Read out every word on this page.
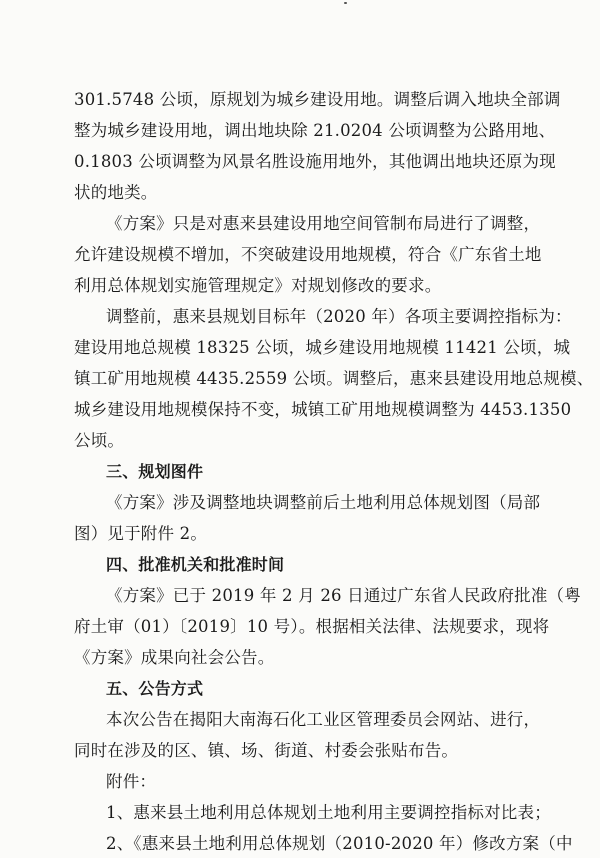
301.5748 公顷，原规划为城乡建设用地。调整后调入地块全部调
整为城乡建设用地，调出地块除 21.0204 公顷调整为公路用地、
0.1803 公顷调整为风景名胜设施用地外，其他调出地块还原为现
状的地类。
《方案》只是对惠来县建设用地空间管制布局进行了调整，
允许建设规模不增加，不突破建设用地规模，符合《广东省土地
利用总体规划实施管理规定》对规划修改的要求。
调整前，惠来县规划目标年（2020 年）各项主要调控指标为：
建设用地总规模 18325 公顷，城乡建设用地规模 11421 公顷，城
镇工矿用地规模 4435.2559 公顷。调整后，惠来县建设用地总规模、
城乡建设用地规模保持不变，城镇工矿用地规模调整为 4453.1350
公顷。
三、规划图件
《方案》涉及调整地块调整前后土地利用总体规划图（局部
图）见于附件 2。
四、批准机关和批准时间
《方案》已于 2019 年 2 月 26 日通过广东省人民政府批准（粤
府土审（01）〔2019〕10 号）。根据相关法律、法规要求，现将
《方案》成果向社会公告。
五、公告方式
本次公告在揭阳大南海石化工业区管理委员会网站、进行，
同时在涉及的区、镇、场、街道、村委会张贴布告。
附件：
1、惠来县土地利用总体规划土地利用主要调控指标对比表；
2、《惠来县土地利用总体规划（2010-2020 年）修改方案（中
